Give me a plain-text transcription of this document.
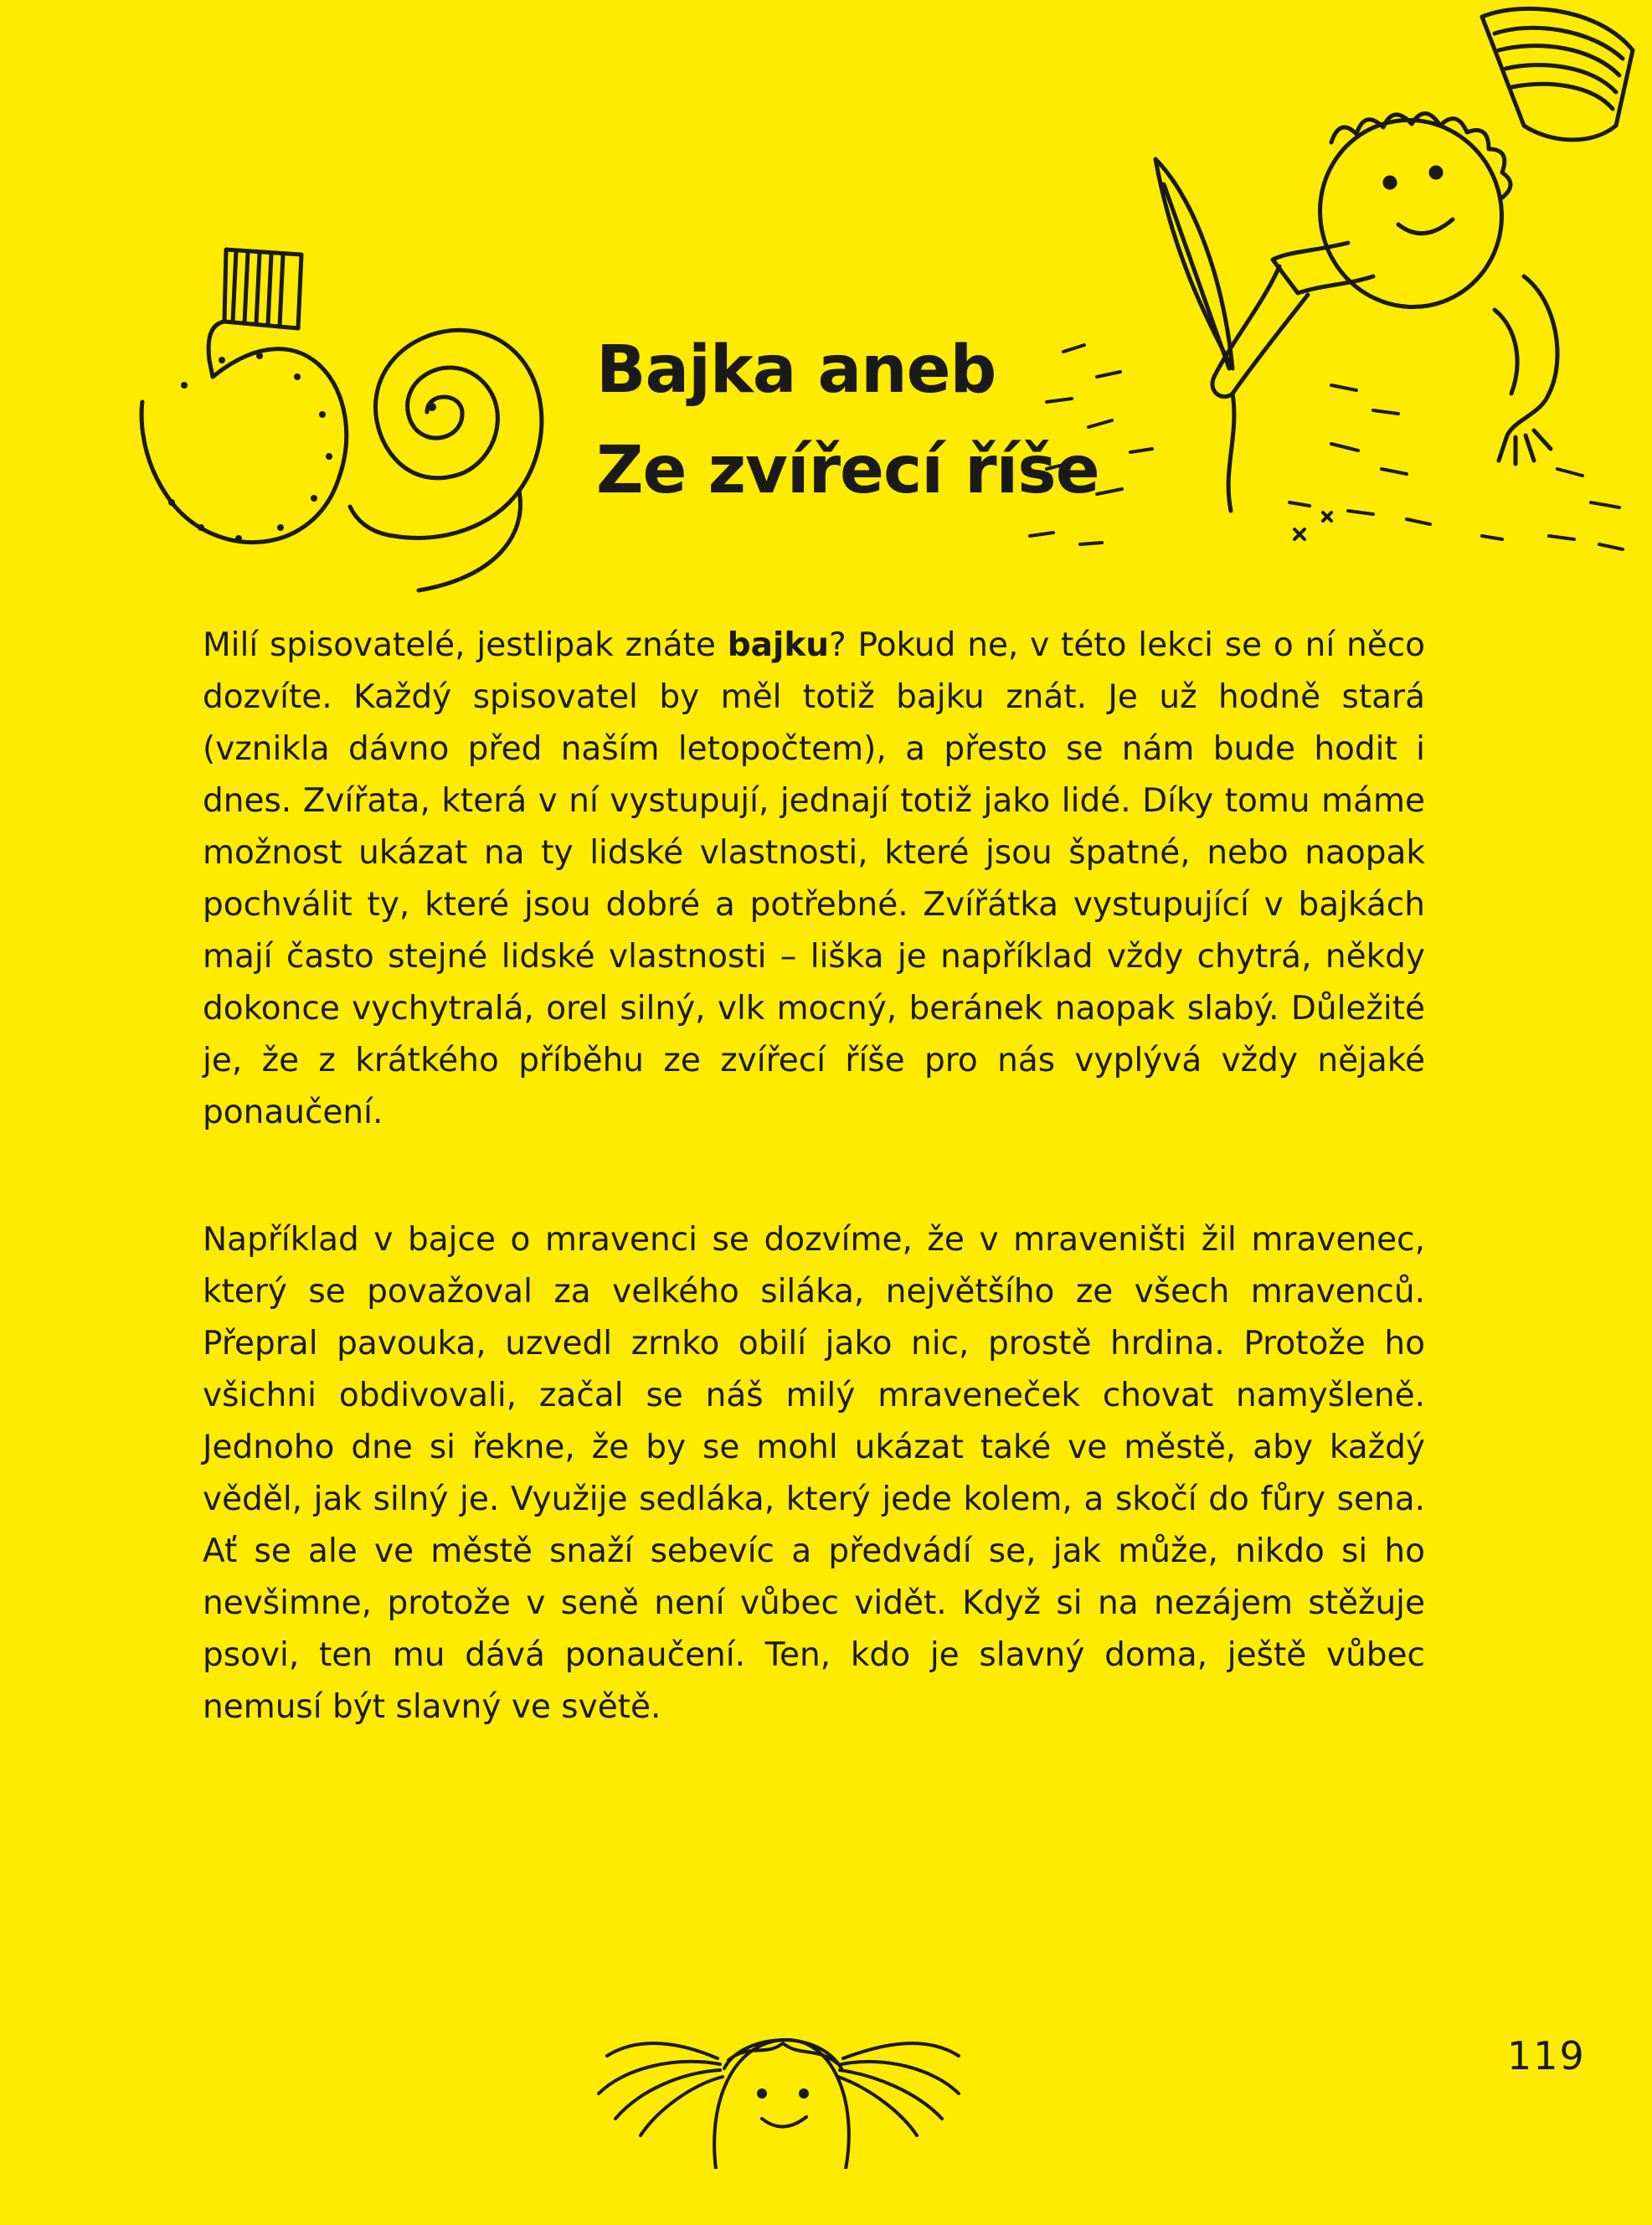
Bajka aneb
Ze zvířecí říše

Milí spisovatelé, jestlipak znáte bajku? Pokud ne, v této lekci se o ní něco dozvíte. Každý spisovatel by měl totiž bajku znát. Je už hodně stará (vznikla dávno před naším letopočtem), a přesto se nám bude hodit i dnes. Zvířata, která v ní vystupují, jednají totiž jako lidé. Díky tomu máme možnost ukázat na ty lidské vlastnosti, které jsou špatné, nebo naopak pochválit ty, které jsou dobré a potřebné. Zvířátka vystupující v bajkách mají často stejné lidské vlastnosti – liška je například vždy chytrá, někdy dokonce vychytralá, orel silný, vlk mocný, beránek naopak slabý. Důležité je, že z krátkého příběhu ze zvířecí říše pro nás vyplývá vždy nějaké ponaučení.

Například v bajce o mravenci se dozvíme, že v mraveništi žil mravenec, který se považoval za velkého siláka, největšího ze všech mravenců. Přepral pavouka, uzvedl zrnko obilí jako nic, prostě hrdina. Protože ho všichni obdivovali, začal se náš milý mraveneček chovat namyšleně. Jednoho dne si řekne, že by se mohl ukázat také ve městě, aby každý věděl, jak silný je. Využije sedláka, který jede kolem, a skočí do fůry sena. Ať se ale ve městě snaží sebevíc a předvádí se, jak může, nikdo si ho nevšimne, protože v seně není vůbec vidět. Když si na nezájem stěžuje psovi, ten mu dává ponaučení. Ten, kdo je slavný doma, ještě vůbec nemusí být slavný ve světě.

119
